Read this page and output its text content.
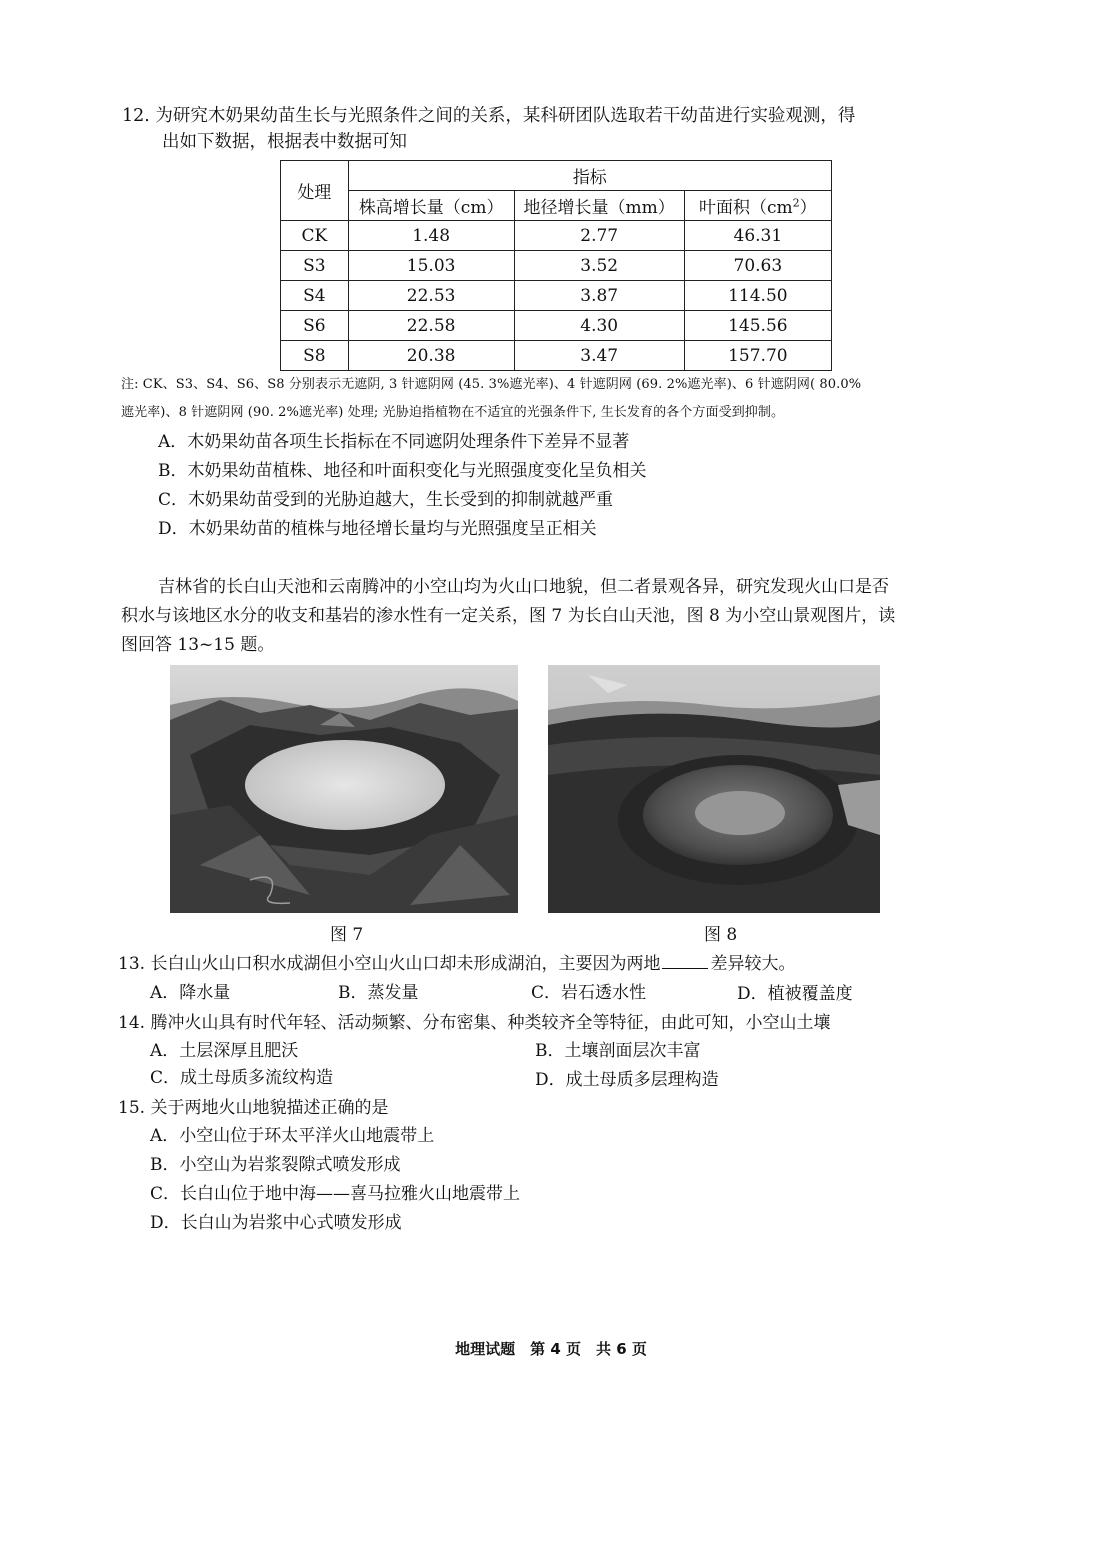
12. 为研究木奶果幼苗生长与光照条件之间的关系，某科研团队选取若干幼苗进行实验观测，得
出如下数据，根据表中数据可知
处理	指标		
	株高增长量（cm）	地径增长量（mm）	叶面积$(cm^2)$
CK	1.48	2.77	46.31
S3	15.03	3.52	70.63
S4	22.53	3.87	114.50
S6	22.58	4.30	145.56
S8	20.38	3.47	157.70
注: CK、S3、S4、S6、S8 分别表示无遮阴, 3 针遮阴网 (45. 3%遮光率)、4 针遮阴网 (69. 2%遮光率)、6 针遮阴网( 80.0%
遮光率)、8 针遮阴网 (90. 2%遮光率) 处理; 光胁迫指植物在不适宜的光强条件下, 生长发育的各个方面受到抑制。
A．木奶果幼苗各项生长指标在不同遮阴处理条件下差异不显著
B．木奶果幼苗植株、地径和叶面积变化与光照强度变化呈负相关
C．木奶果幼苗受到的光胁迫越大，生长受到的抑制就越严重
D．木奶果幼苗的植株与地径增长量均与光照强度呈正相关
吉林省的长白山天池和云南腾冲的小空山均为火山口地貌，但二者景观各异，研究发现火山口是否
积水与该地区水分的收支和基岩的渗水性有一定关系，图 7 为长白山天池，图 8 为小空山景观图片，读
图回答 13~15 题。
图 7	图 8
13. 长白山火山口积水成湖但小空山火山口却未形成湖泊，主要因为两地	差异较大。
A．降水量	B．蒸发量	C．岩石透水性	D．植被覆盖度
14. 腾冲火山具有时代年轻、活动频繁、分布密集、种类较齐全等特征，由此可知，小空山土壤
A．土层深厚且肥沃	B．土壤剖面层次丰富
C．成土母质多流纹构造	D．成土母质多层理构造
15. 关于两地火山地貌描述正确的是
A．小空山位于环太平洋火山地震带上
B．小空山为岩浆裂隙式喷发形成
C．长白山位于地中海——喜马拉雅火山地震带上
D．长白山为岩浆中心式喷发形成
地理试题　第 4 页　共 6 页
